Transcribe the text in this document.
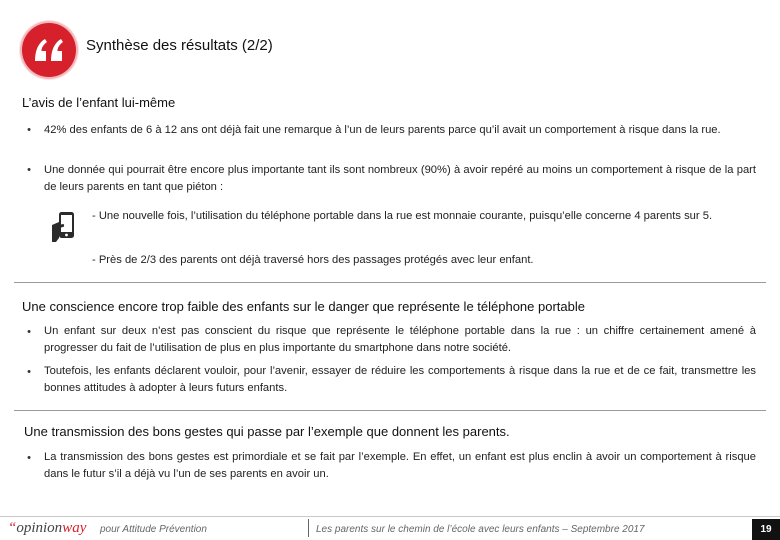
Synthèse des résultats (2/2)
L’avis de l’enfant lui-même
•	42% des enfants de 6 à 12 ans ont déjà fait une remarque à l’un de leurs parents parce qu’il avait un comportement à risque dans la rue.
•	Une donnée qui pourrait être encore plus importante tant ils sont nombreux (90%) à avoir repéré au moins un comportement à risque de la part de leurs parents en tant que piéton :
- Une nouvelle fois, l’utilisation du téléphone portable dans la rue est monnaie courante, puisqu’elle concerne 4 parents sur 5.
- Près de 2/3 des parents ont déjà traversé hors des passages protégés avec leur enfant.
Une conscience encore trop faible des enfants sur le danger que représente le téléphone portable
•	Un enfant sur deux n’est pas conscient du risque que représente le téléphone portable dans la rue : un chiffre certainement amené à progresser du fait de l’utilisation de plus en plus importante du smartphone dans notre société.
•	Toutefois, les enfants déclarent vouloir, pour l’avenir, essayer de réduire les comportements à risque dans la rue et de ce fait, transmettre les bonnes attitudes à adopter à leurs futurs enfants.
Une transmission des bons gestes qui passe par l’exemple que donnent les parents.
•	La transmission des bons gestes est primordiale et se fait par l’exemple. En effet, un enfant est plus enclin à avoir un comportement à risque dans le futur s’il a déjà vu l’un de ses parents en avoir un.
“opinionway pour Attitude Prévention	Les parents sur le chemin de l’école avec leurs enfants – Septembre 2017	19
